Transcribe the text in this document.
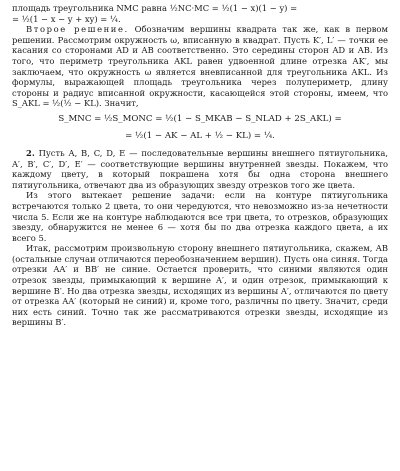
площадь треугольника NMC равна ½NC·MC = ½(1 − x)(1 − y) =

= ½(1 − x − y + xy) = ¼.

Второе решение. Обозначим вершины квадрата так же, как в первом решении. Рассмотрим окружность ω, вписанную в квадрат. Пусть K′, L′ — точки ее касания со сторонами AD и AB соответственно. Это середины сторон AD и AB. Из того, что периметр треугольника AKL равен удвоенной длине отрезка AK′, мы заключаем, что окружность ω является вневписанной для треугольника AKL. Из формулы, выражающей площадь треугольника через полупериметр, длину стороны и радиус вписанной окружности, касающейся этой стороны, имеем, что S_AKL = ½(½ − KL). Значит,

S_MNC = ½S_MONC = ½(1 − S_MKAB − S_NLAD + 2S_AKL) =
= ½(1 − AK − AL + ½ − KL) = ¼.

2. Пусть A, B, C, D, E — последовательные вершины внешнего пятиугольника, A′, B′, C′, D′, E′ — соответствующие вершины внутренней звезды. Покажем, что каждому цвету, в который покрашена хотя бы одна сторона внешнего пятиугольника, отвечают два из образующих звезду отрезков того же цвета.

Из этого вытекает решение задачи: если на контуре пятиугольника встречаются только 2 цвета, то они чередуются, что невозможно из-за нечетности числа 5. Если же на контуре наблюдаются все три цвета, то отрезков, образующих звезду, обнаружится не менее 6 — хотя бы по два отрезка каждого цвета, а их всего 5.

Итак, рассмотрим произвольную сторону внешнего пятиугольника, скажем, AB (остальные случаи отличаются переобозначением вершин). Пусть она синяя. Тогда отрезки AA′ и BB′ не синие. Остается проверить, что синими являются один отрезок звезды, примыкающий к вершине A′, и один отрезок, примыкающий к вершине B′. Но два отрезка звезды, исходящих из вершины A′, отличаются по цвету от отрезка AA′ (который не синий) и, кроме того, различны по цвету. Значит, среди них есть синий. Точно так же рассматриваются отрезки звезды, исходящие из вершины B′.
